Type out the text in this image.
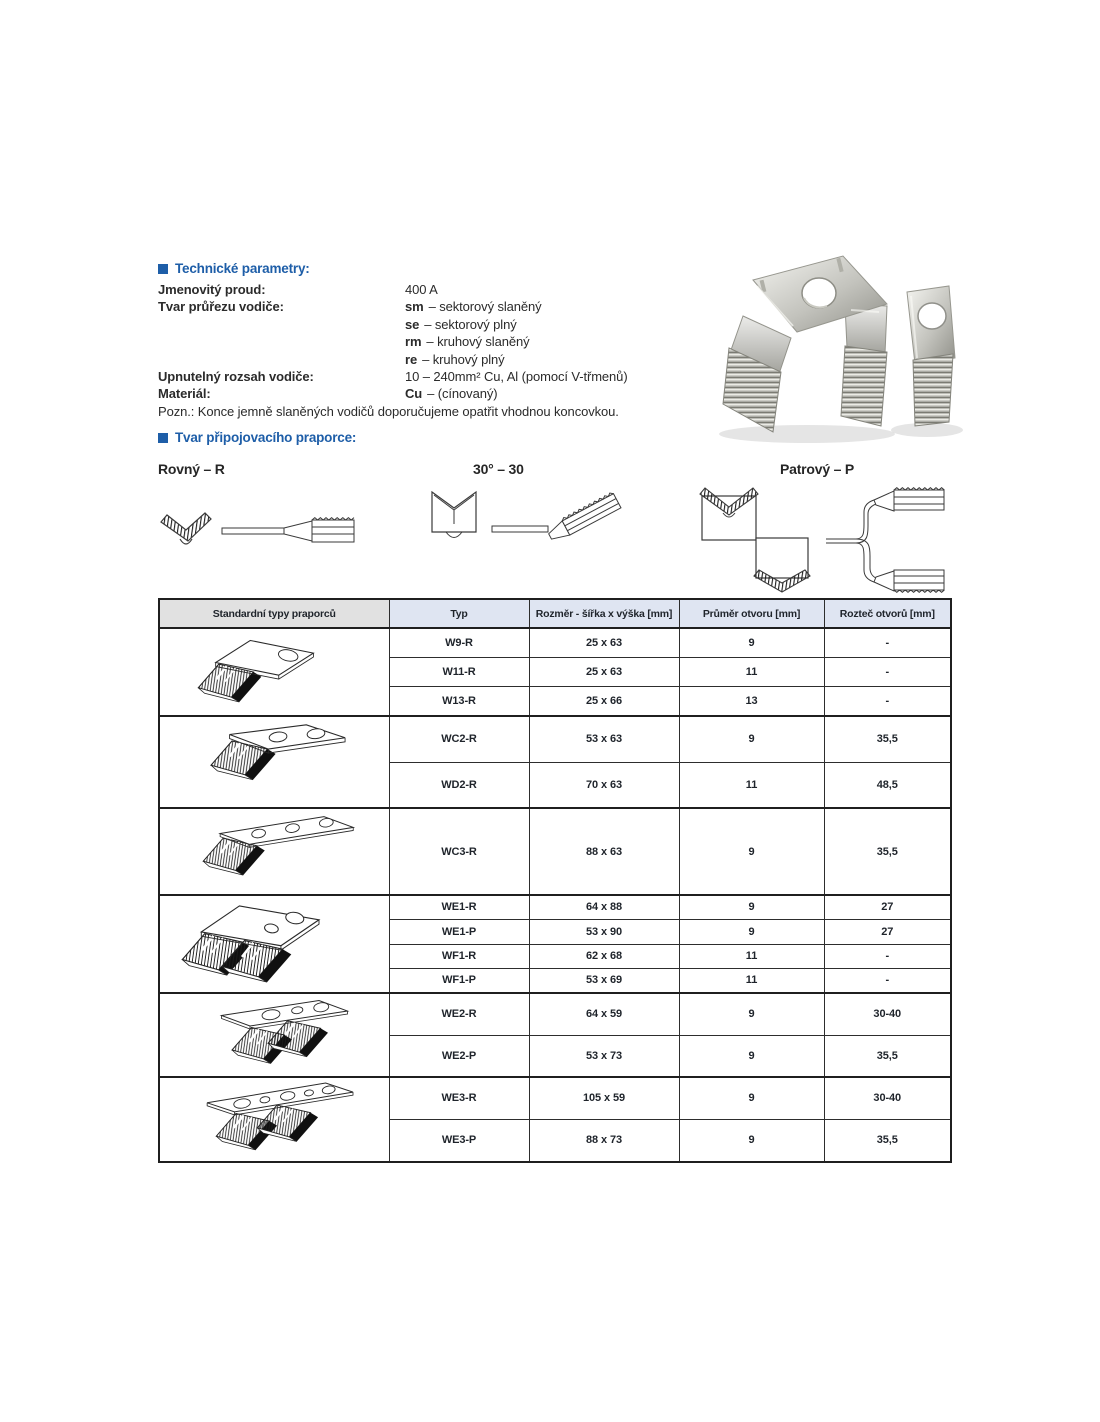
Technické parametry:
Jmenovitý proud:	400 A
Tvar průřezu vodiče:	sm – sektorový slaněný
se – sektorový plný
rm – kruhový slaněný
re – kruhový plný
Upnutelný rozsah vodiče:	10 – 240mm² Cu, Al (pomocí V-třmenů)
Materiál:	Cu – (cínovaný)
Pozn.: Konce jemně slaněných vodičů doporučujeme opatřit vhodnou koncovkou.
Tvar připojovacího praporce:
Rovný – R	30° – 30	Patrový – P
Standardní typy praporců	Typ	Rozměr - šířka x výška [mm]	Průměr otvoru [mm]	Rozteč otvorů [mm]
	W9-R	25 x 63	9	-
	W11-R	25 x 63	11	-
	W13-R	25 x 66	13	-
	WC2-R	53 x 63	9	35,5
	WD2-R	70 x 63	11	48,5
	WC3-R	88 x 63	9	35,5
	WE1-R	64 x 88	9	27
	WE1-P	53 x 90	9	27
	WF1-R	62 x 68	11	-
	WF1-P	53 x 69	11	-
	WE2-R	64 x 59	9	30-40
	WE2-P	53 x 73	9	35,5
	WE3-R	105 x 59	9	30-40
	WE3-P	88 x 73	9	35,5
